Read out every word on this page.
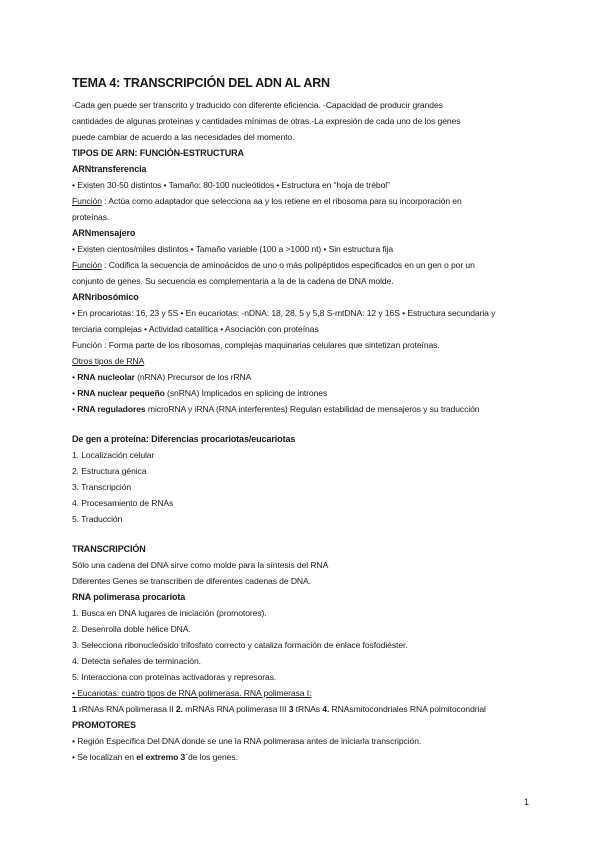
TEMA 4: TRANSCRIPCIÓN DEL ADN AL ARN
-Cada gen puede ser transcrito y traducido con diferente eficiencia. -Capacidad de producir grandes
cantidades de algunas proteínas y cantidades mínimas de otras.-La expresión de cada uno de los genes
puede cambiar de acuerdo a las necesidades del momento.
TIPOS DE ARN: FUNCIÓN-ESTRUCTURA
ARNtransferencia
• Existen 30-50 distintos • Tamaño: 80-100 nucleótidos • Estructura en “hoja de trébol”
Función : Actúa como adaptador que selecciona aa y los retiene en el ribosoma para su incorporación en
proteínas.
ARNmensajero
• Existen cientos/miles distintos • Tamaño variable (100 a >1000 nt) • Sin estructura fija
Función : Codifica la secuencia de aminoácidos de uno o más polipéptidos especificados en un gen o por un
conjunto de genes. Su secuencia es complementaria a la de la cadena de DNA molde.
ARNribosómico
• En procariotas: 16, 23 y 5S • En eucariotas: -nDNA: 18, 28, 5 y 5,8 S-mtDNA: 12 y 16S • Estructura secundaria y
terciaria complejas • Actividad catalítica • Asociación con proteínas
Función : Forma parte de los ribosomas, complejas maquinarias celulares que sintetizan proteínas.
Otros tipos de RNA
• RNA nucleolar (nRNA) Precursor de los rRNA
• RNA nuclear pequeño (snRNA) Implicados en splicing de intrones
• RNA reguladores microRNA y iRNA (RNA interferentes) Regulan estabilidad de mensajeros y su traducción
De gen a proteína: Diferencias procariotas/eucariotas
1. Localización celular
2. Estructura génica
3. Transcripción
4. Procesamiento de RNAs
5. Traducción
TRANSCRIPCIÓN
Sólo una cadena del DNA sirve como molde para la síntesis del RNA
Diferentes Genes se transcriben de diferentes cadenas de DNA.
RNA polimerasa procariota
1. Busca en DNA lugares de iniciación (promotores).
2. Desenrolla doble hélice DNA.
3. Selecciona ribonucleósido trifosfato correcto y cataliza formación de enlace fosfodiéster.
4. Detecta señales de terminación.
5. Interacciona con proteínas activadoras y represoras.
• Eucariotas: cuatro tipos de RNA polimerasa. RNA polimerasa I:
1 rRNAs RNA polimerasa II 2. mRNAs RNA polimerasa III 3 tRNAs 4. RNAsmitocondriales RNA polmitocondrial
PROMOTORES
• Región Específica Del DNA donde se une la RNA polimerasa antes de iniciarla transcripción.
• Se localizan en el extremo 3´de los genes.
1
